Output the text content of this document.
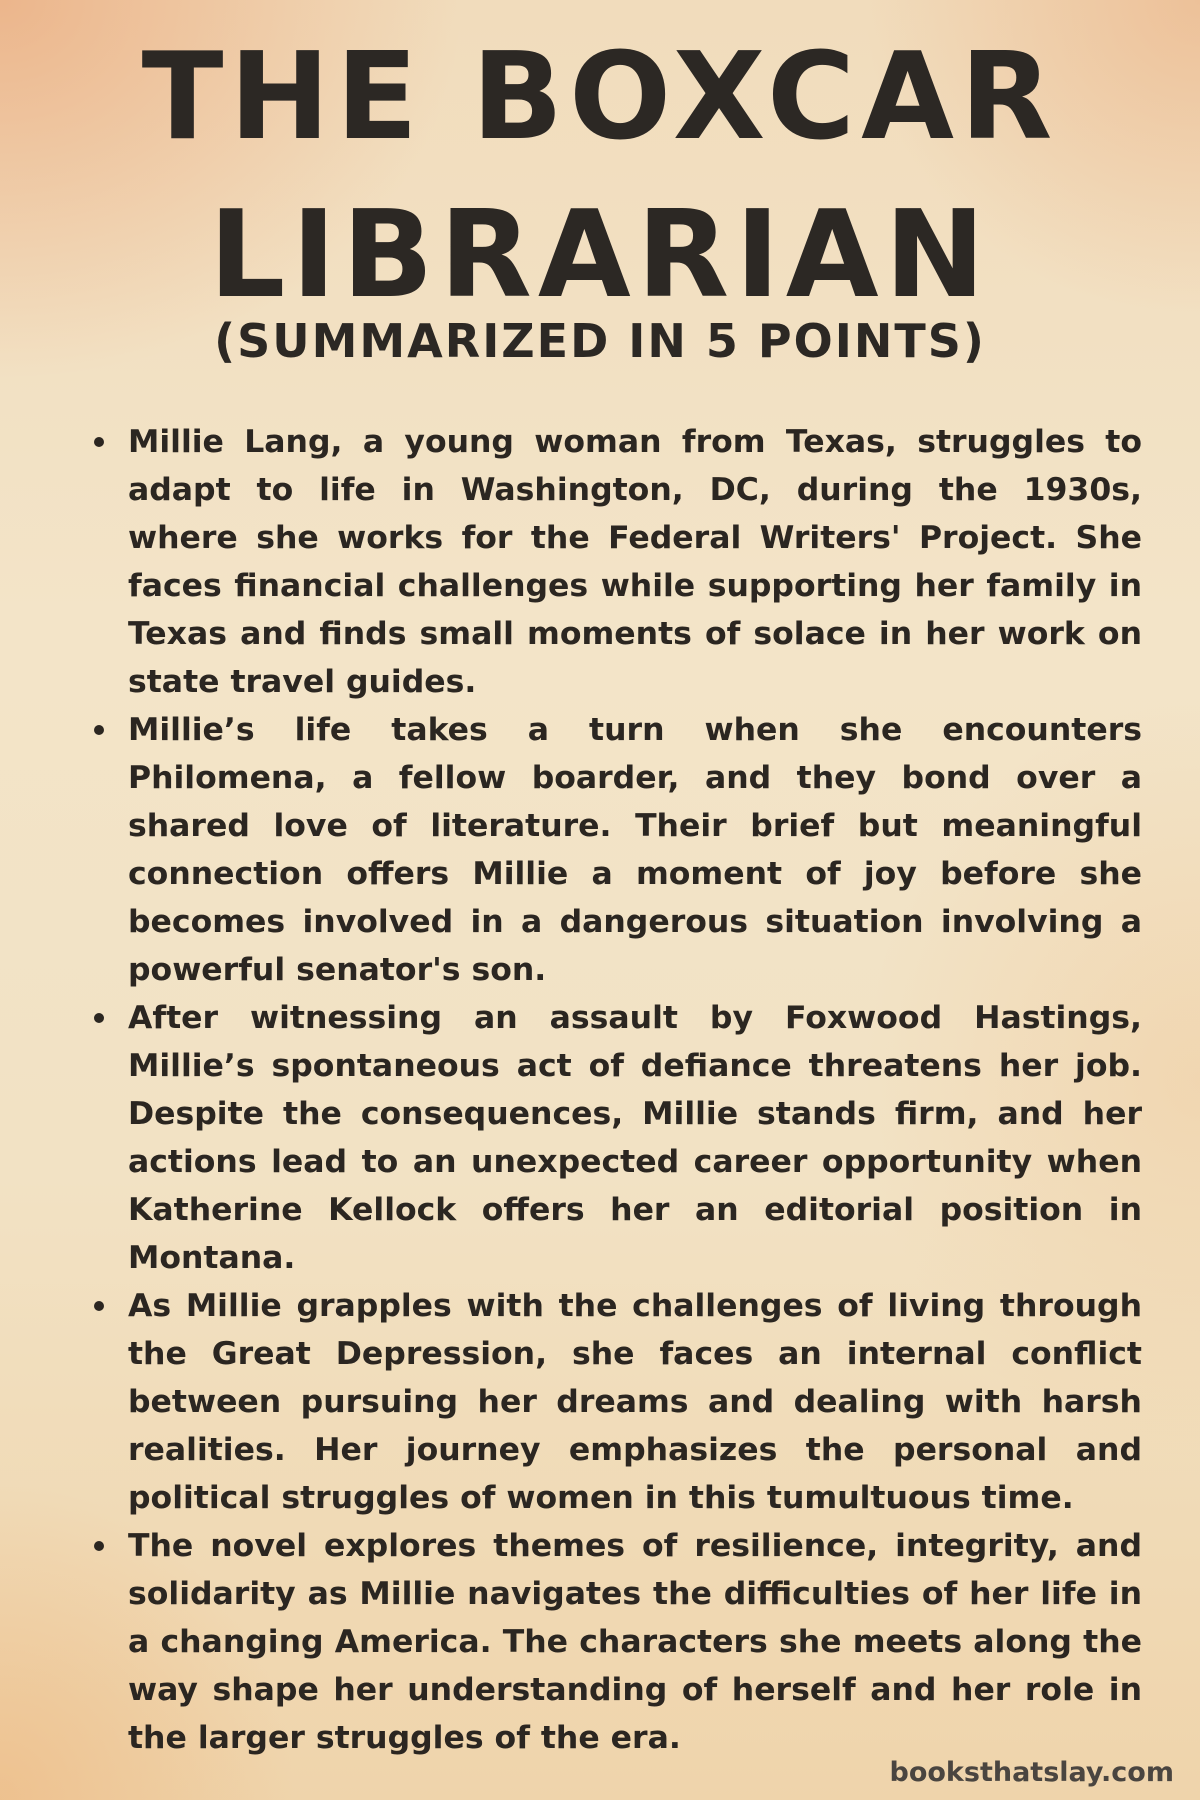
THE BOXCAR
LIBRARIAN
(SUMMARIZED IN 5 POINTS)
Millie Lang, a young woman from Texas, struggles to adapt to life in Washington, DC, during the 1930s, where she works for the Federal Writers' Project. She faces financial challenges while supporting her family in Texas and finds small moments of solace in her work on state travel guides.
Millie’s life takes a turn when she encounters Philomena, a fellow boarder, and they bond over a shared love of literature. Their brief but meaningful connection offers Millie a moment of joy before she becomes involved in a dangerous situation involving a powerful senator's son.
After witnessing an assault by Foxwood Hastings, Millie’s spontaneous act of defiance threatens her job. Despite the consequences, Millie stands firm, and her actions lead to an unexpected career opportunity when Katherine Kellock offers her an editorial position in Montana.
As Millie grapples with the challenges of living through the Great Depression, she faces an internal conflict between pursuing her dreams and dealing with harsh realities. Her journey emphasizes the personal and political struggles of women in this tumultuous time.
The novel explores themes of resilience, integrity, and solidarity as Millie navigates the difficulties of her life in a changing America. The characters she meets along the way shape her understanding of herself and her role in the larger struggles of the era.

booksthatslay.com
